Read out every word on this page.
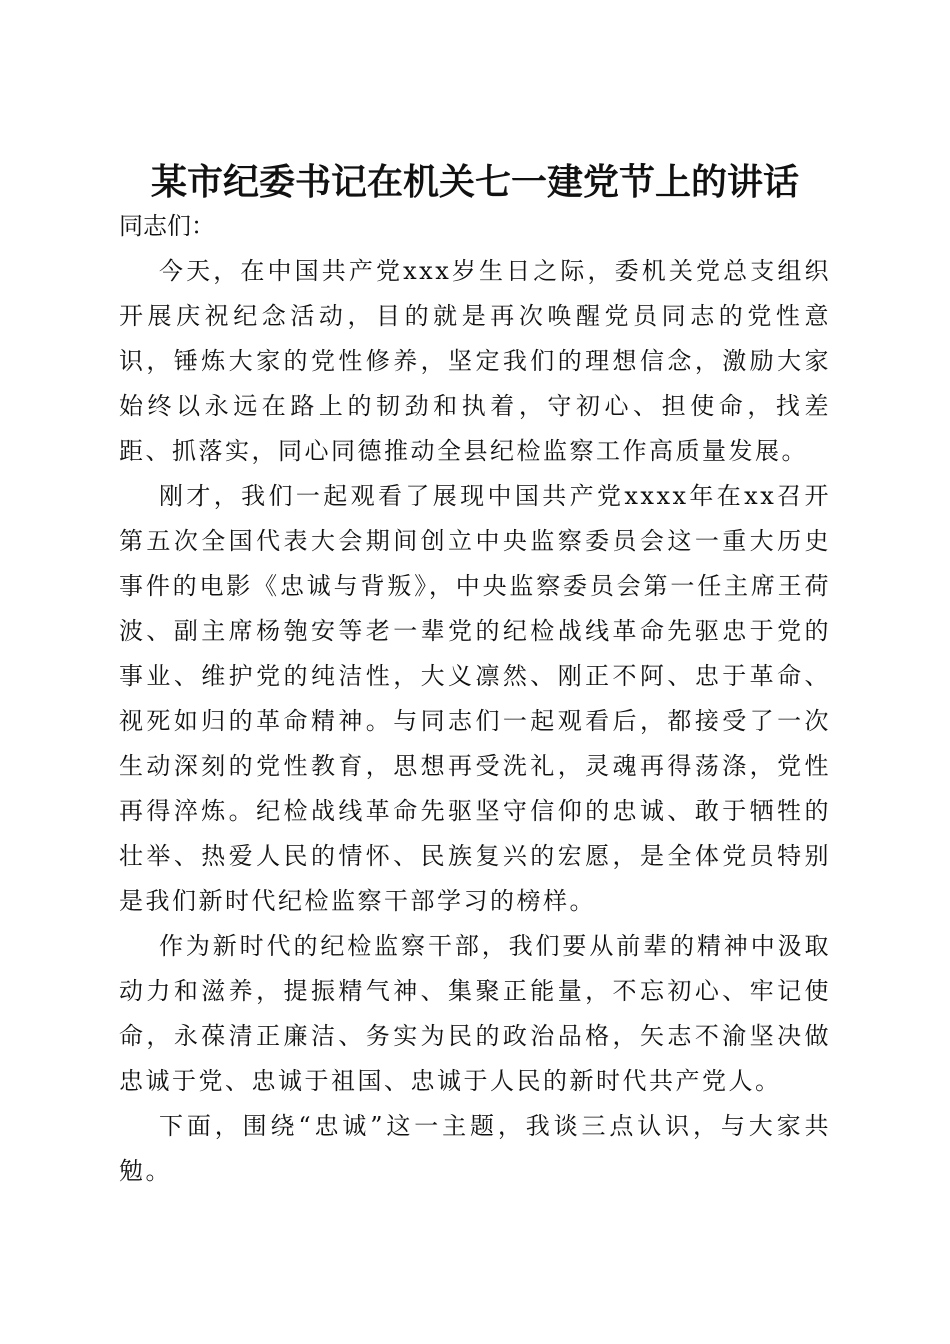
某市纪委书记在机关七一建党节上的讲话

同志们：

今天，在中国共产党xxx岁生日之际，委机关党总支组织开展庆祝纪念活动，目的就是再次唤醒党员同志的党性意识，锤炼大家的党性修养，坚定我们的理想信念，激励大家始终以永远在路上的韧劲和执着，守初心、担使命，找差距、抓落实，同心同德推动全县纪检监察工作高质量发展。

刚才，我们一起观看了展现中国共产党xxxx年在xx召开第五次全国代表大会期间创立中央监察委员会这一重大历史事件的电影《忠诚与背叛》，中央监察委员会第一任主席王荷波、副主席杨匏安等老一辈党的纪检战线革命先驱忠于党的事业、维护党的纯洁性，大义凛然、刚正不阿、忠于革命、视死如归的革命精神。与同志们一起观看后，都接受了一次生动深刻的党性教育，思想再受洗礼，灵魂再得荡涤，党性再得淬炼。纪检战线革命先驱坚守信仰的忠诚、敢于牺牲的壮举、热爱人民的情怀、民族复兴的宏愿，是全体党员特别是我们新时代纪检监察干部学习的榜样。

作为新时代的纪检监察干部，我们要从前辈的精神中汲取动力和滋养，提振精气神、集聚正能量，不忘初心、牢记使命，永葆清正廉洁、务实为民的政治品格，矢志不渝坚决做忠诚于党、忠诚于祖国、忠诚于人民的新时代共产党人。

下面，围绕“忠诚”这一主题，我谈三点认识，与大家共勉。
